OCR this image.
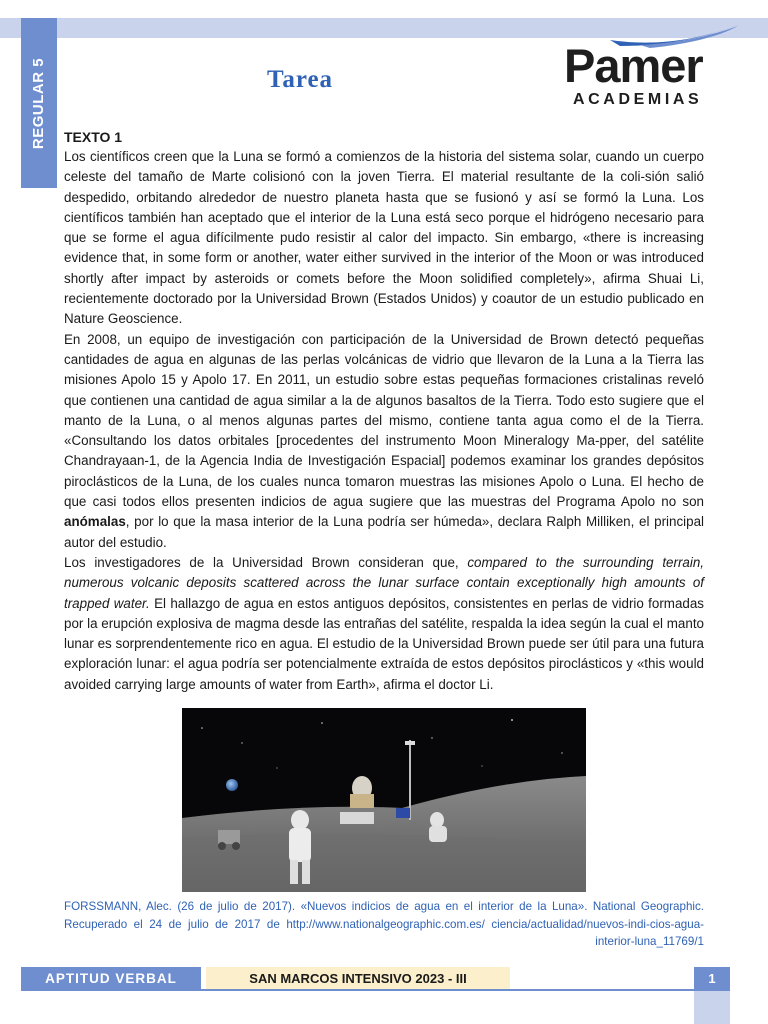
REGULAR 5	Tarea	Pamer
ACADEMIAS
TEXTO 1

Los científicos creen que la Luna se formó a comienzos de la historia del sistema solar, cuando un cuerpo celeste del tamaño de Marte colisionó con la joven Tierra. El material resultante de la coli-sión salió despedido, orbitando alrededor de nuestro planeta hasta que se fusionó y así se formó la Luna. Los científicos también han aceptado que el interior de la Luna está seco porque el hidrógeno necesario para que se forme el agua difícilmente pudo resistir al calor del impacto. Sin embargo, «there is increasing evidence that, in some form or another, water either survived in the interior of the Moon or was introduced shortly after impact by asteroids or comets before the Moon solidified completely», afirma Shuai Li, recientemente doctorado por la Universidad Brown (Estados Unidos) y coautor de un estudio publicado en Nature Geoscience.

En 2008, un equipo de investigación con participación de la Universidad de Brown detectó pequeñas cantidades de agua en algunas de las perlas volcánicas de vidrio que llevaron de la Luna a la Tierra las misiones Apolo 15 y Apolo 17. En 2011, un estudio sobre estas pequeñas formaciones cristalinas reveló que contienen una cantidad de agua similar a la de algunos basaltos de la Tierra. Todo esto sugiere que el manto de la Luna, o al menos algunas partes del mismo, contiene tanta agua como el de la Tierra. «Consultando los datos orbitales [procedentes del instrumento Moon Mineralogy Ma-pper, del satélite Chandrayaan-1, de la Agencia India de Investigación Espacial] podemos examinar los grandes depósitos piroclásticos de la Luna, de los cuales nunca tomaron muestras las misiones Apolo o Luna. El hecho de que casi todos ellos presenten indicios de agua sugiere que las muestras del Programa Apolo no son anómalas, por lo que la masa interior de la Luna podría ser húmeda», declara Ralph Milliken, el principal autor del estudio.

Los investigadores de la Universidad Brown consideran que, compared to the surrounding terrain, numerous volcanic deposits scattered across the lunar surface contain exceptionally high amounts of trapped water. El hallazgo de agua en estos antiguos depósitos, consistentes en perlas de vidrio formadas por la erupción explosiva de magma desde las entrañas del satélite, respalda la idea según la cual el manto lunar es sorprendentemente rico en agua. El estudio de la Universidad Brown puede ser útil para una futura exploración lunar: el agua podría ser potencialmente extraída de estos depósitos piroclásticos y «this would avoided carrying large amounts of water from Earth», afirma el doctor Li.

FORSSMANN, Alec. (26 de julio de 2017). «Nuevos indicios de agua en el interior de la Luna». National Geographic. Recuperado el 24 de julio de 2017 de http://www.nationalgeographic.com.es/ ciencia/actualidad/nuevos-indi-cios-agua-interior-luna_11769/1
APTITUD VERBAL	SAN MARCOS INTENSIVO 2023 - III	1
